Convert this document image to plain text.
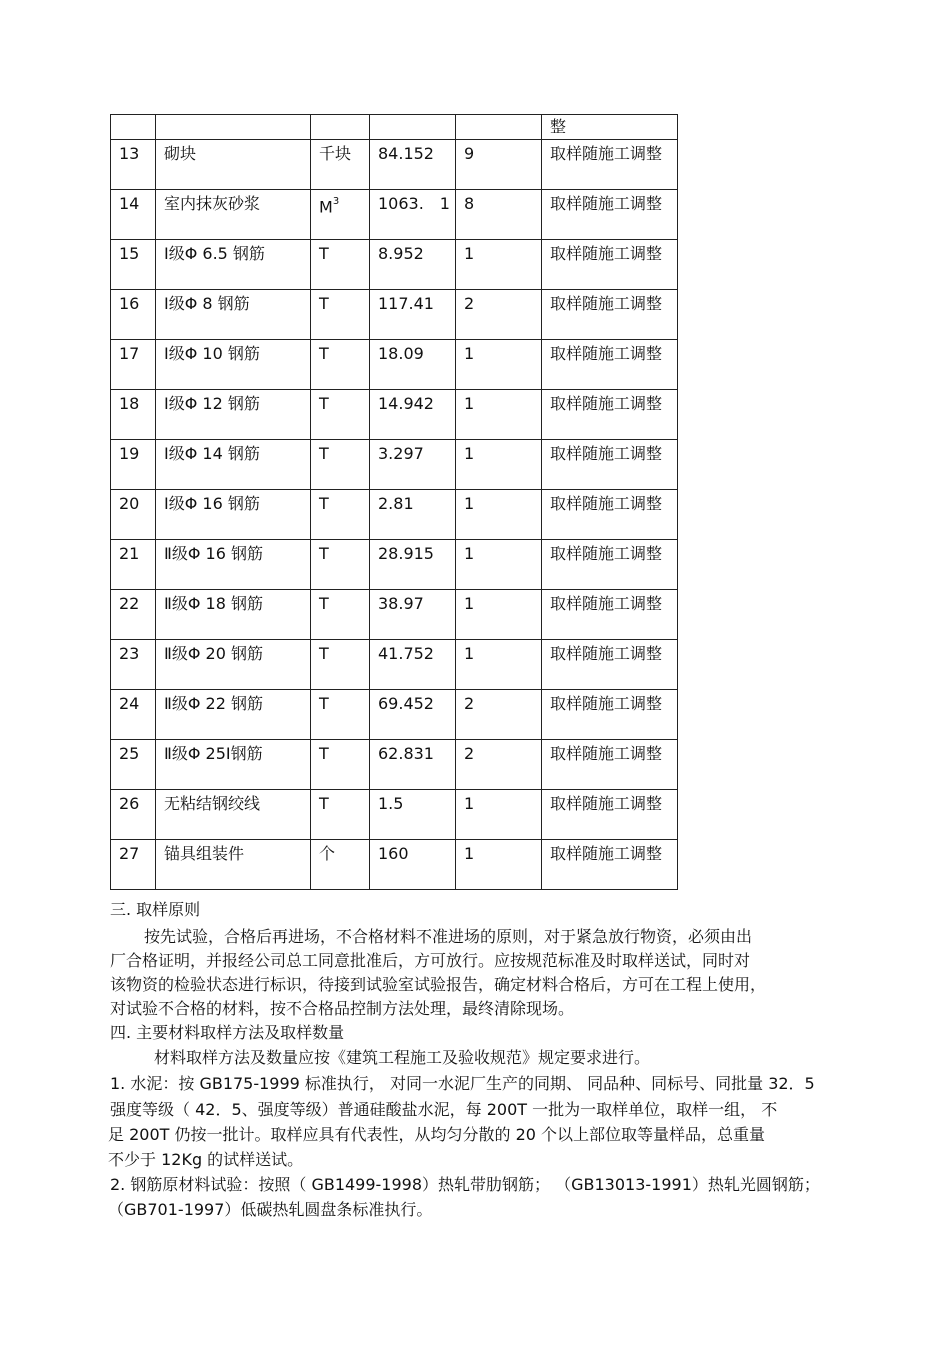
					整

13	砌块	千块	84.152	9	取样随施工调整

14	室内抹灰砂浆	$M^3$	1063.　1	8	取样随施工调整

15	Ⅰ级Φ 6.5 钢筋	T	8.952	1	取样随施工调整

16	Ⅰ级Φ 8 钢筋	T	117.41	2	取样随施工调整

17	Ⅰ级Φ 10 钢筋	T	18.09	1	取样随施工调整

18	Ⅰ级Φ 12 钢筋	T	14.942	1	取样随施工调整

19	Ⅰ级Φ 14 钢筋	T	3.297	1	取样随施工调整

20	Ⅰ级Φ 16 钢筋	T	2.81	1	取样随施工调整

21	Ⅱ级Φ 16 钢筋	T	28.915	1	取样随施工调整

22	Ⅱ级Φ 18 钢筋	T	38.97	1	取样随施工调整

23	Ⅱ级Φ 20 钢筋	T	41.752	1	取样随施工调整

24	Ⅱ级Φ 22 钢筋	T	69.452	2	取样随施工调整

25	Ⅱ级Φ 25Ⅰ钢筋	T	62.831	2	取样随施工调整

26	无粘结钢绞线	T	1.5	1	取样随施工调整

27	锚具组装件	个	160	1	取样随施工调整
三. 取样原则
按先试验，合格后再进场，不合格材料不准进场的原则，对于紧急放行物资，必须由出
厂合格证明，并报经公司总工同意批准后，方可放行。应按规范标准及时取样送试，同时对
该物资的检验状态进行标识，待接到试验室试验报告，确定材料合格后，方可在工程上使用，
对试验不合格的材料，按不合格品控制方法处理，最终清除现场。
四. 主要材料取样方法及取样数量
材料取样方法及数量应按《建筑工程施工及验收规范》规定要求进行。
1. 水泥：按 GB175-1999 标准执行， 对同一水泥厂生产的同期、 同品种、同标号、同批量 32．5
强度等级（ 42．5、强度等级）普通硅酸盐水泥，每 200T 一批为一取样单位，取样一组， 不
足 200T 仍按一批计。取样应具有代表性，从均匀分散的 20 个以上部位取等量样品，总重量
不少于 12Kg 的试样送试。
2. 钢筋原材料试验：按照（ GB1499-1998）热轧带肋钢筋； （GB13013-1991）热轧光圆钢筋；
（GB701-1997）低碳热轧圆盘条标准执行。
